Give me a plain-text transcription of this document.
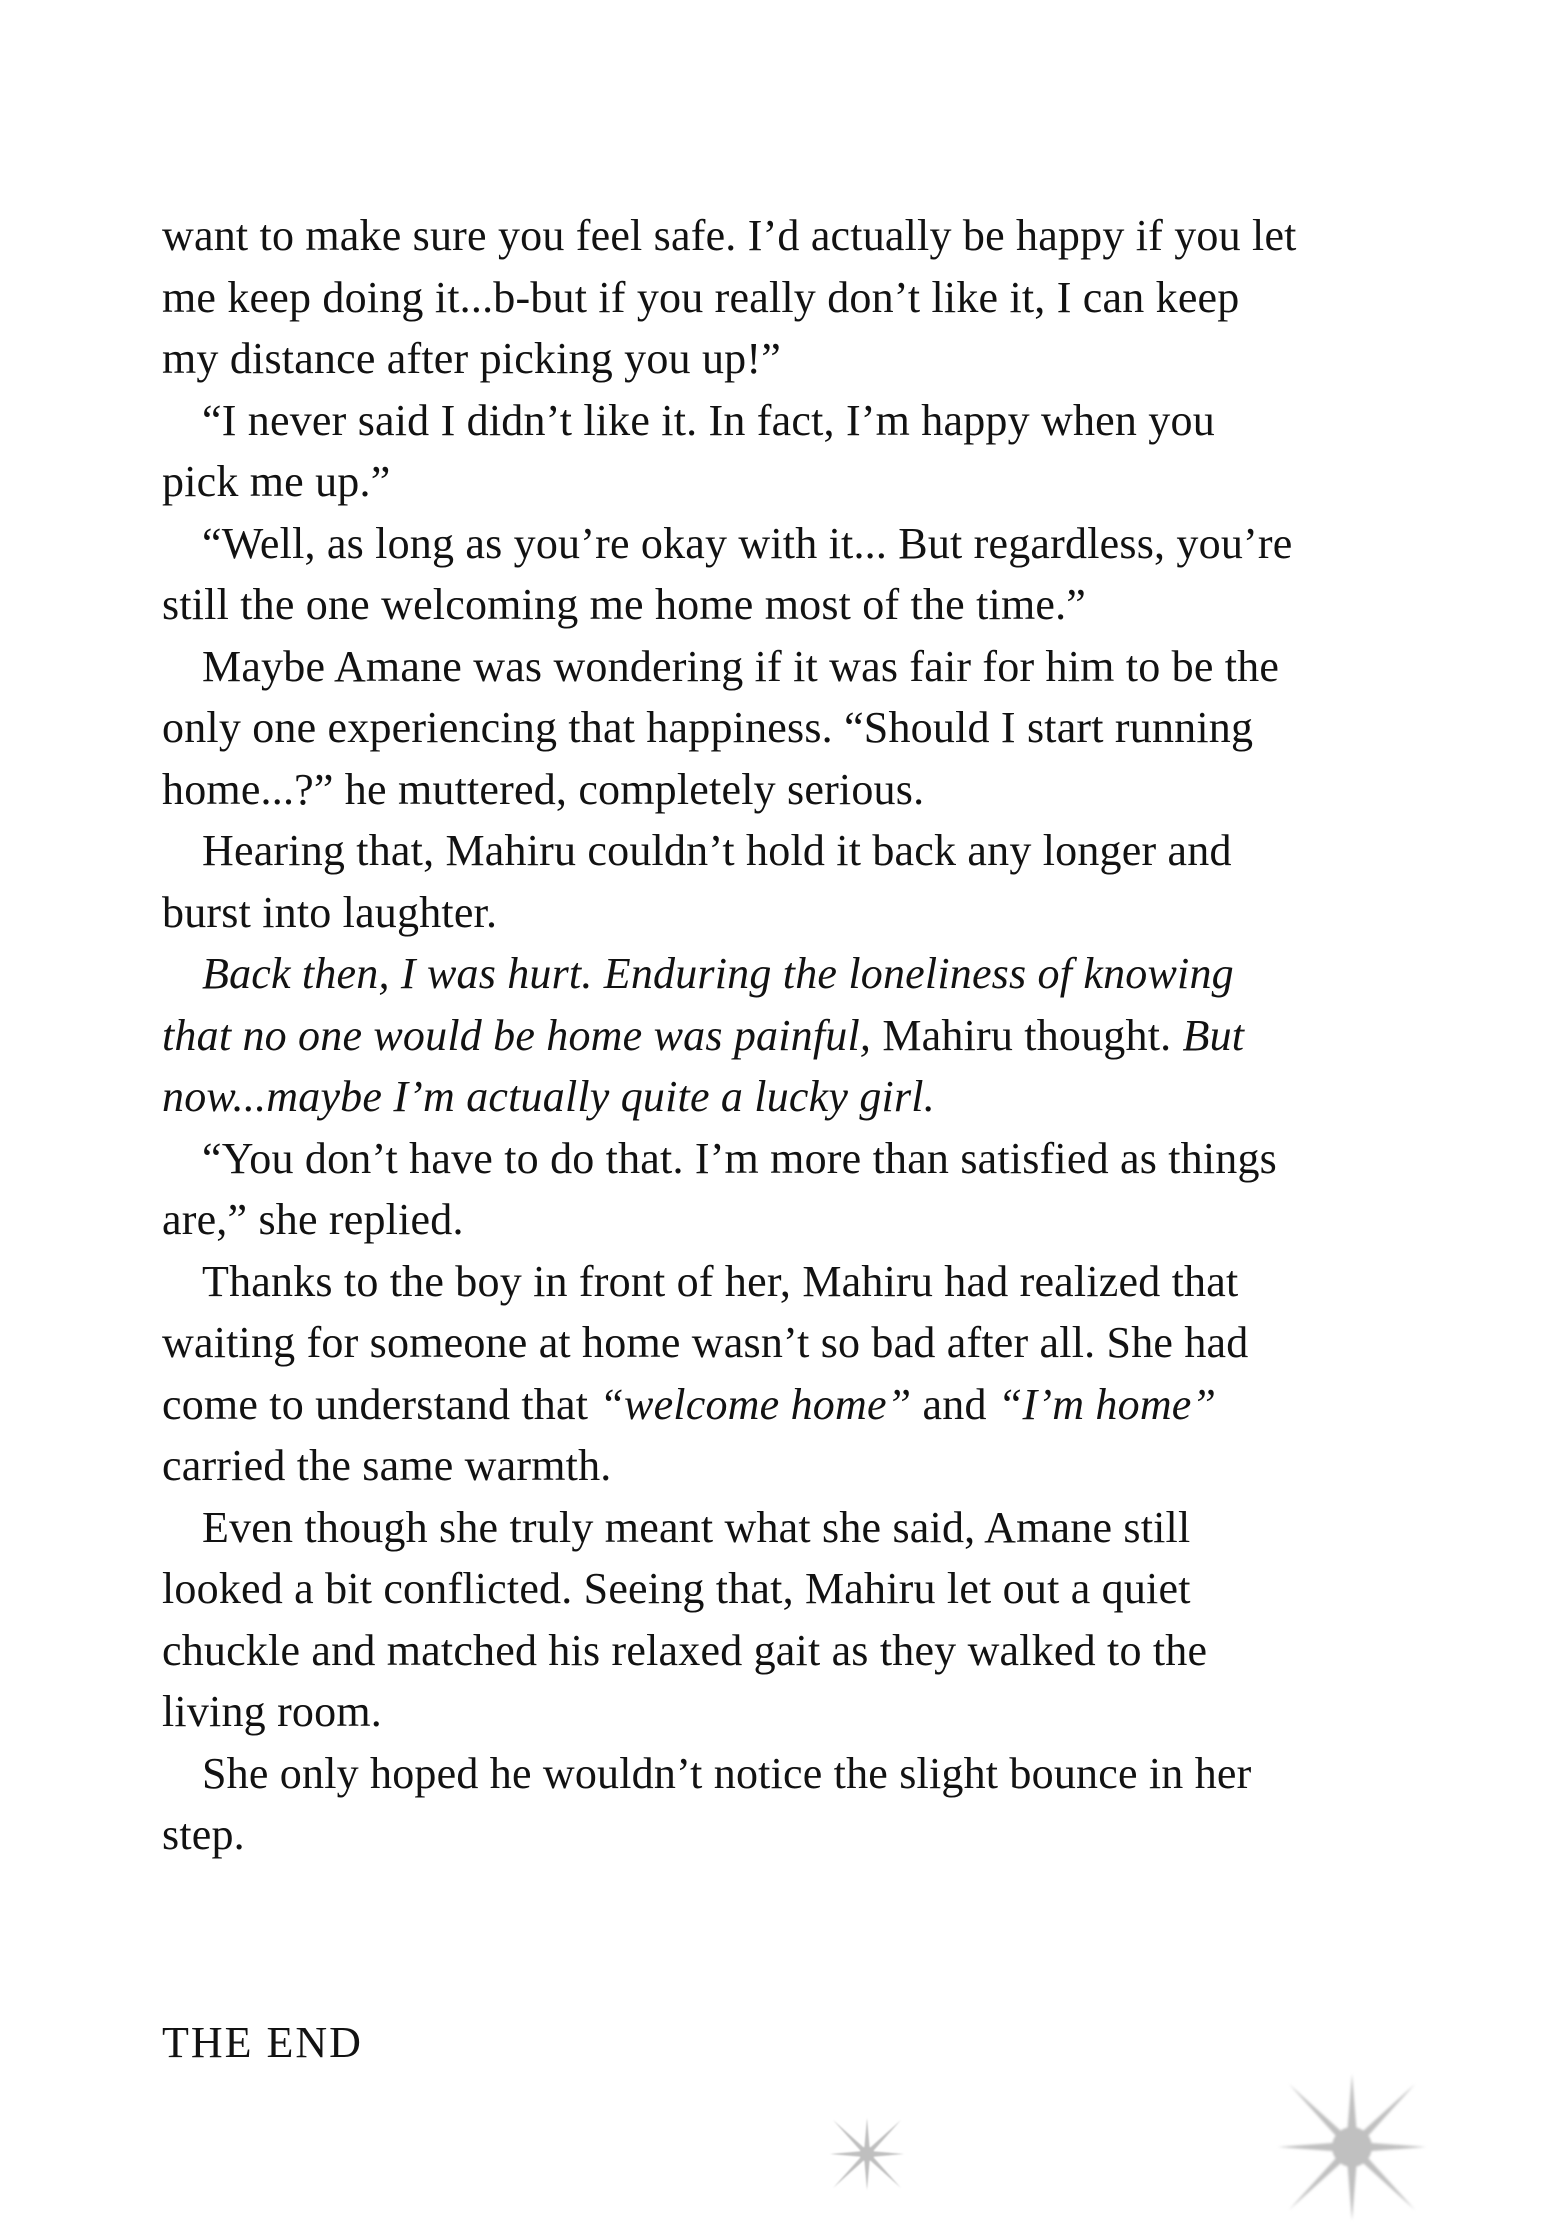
want to make sure you feel safe. I’d actually be happy if you let
me keep doing it...b-but if you really don’t like it, I can keep
my distance after picking you up!”
“I never said I didn’t like it. In fact, I’m happy when you
pick me up.”
“Well, as long as you’re okay with it... But regardless, you’re
still the one welcoming me home most of the time.”
Maybe Amane was wondering if it was fair for him to be the
only one experiencing that happiness. “Should I start running
home...?” he muttered, completely serious.
Hearing that, Mahiru couldn’t hold it back any longer and
burst into laughter.
Back then, I was hurt. Enduring the loneliness of knowing
that no one would be home was painful, Mahiru thought. But
now...maybe I’m actually quite a lucky girl.
“You don’t have to do that. I’m more than satisfied as things
are,” she replied.
Thanks to the boy in front of her, Mahiru had realized that
waiting for someone at home wasn’t so bad after all. She had
come to understand that “welcome home” and “I’m home”
carried the same warmth.
Even though she truly meant what she said, Amane still
looked a bit conflicted. Seeing that, Mahiru let out a quiet
chuckle and matched his relaxed gait as they walked to the
living room.
She only hoped he wouldn’t notice the slight bounce in her
step.
THE END
